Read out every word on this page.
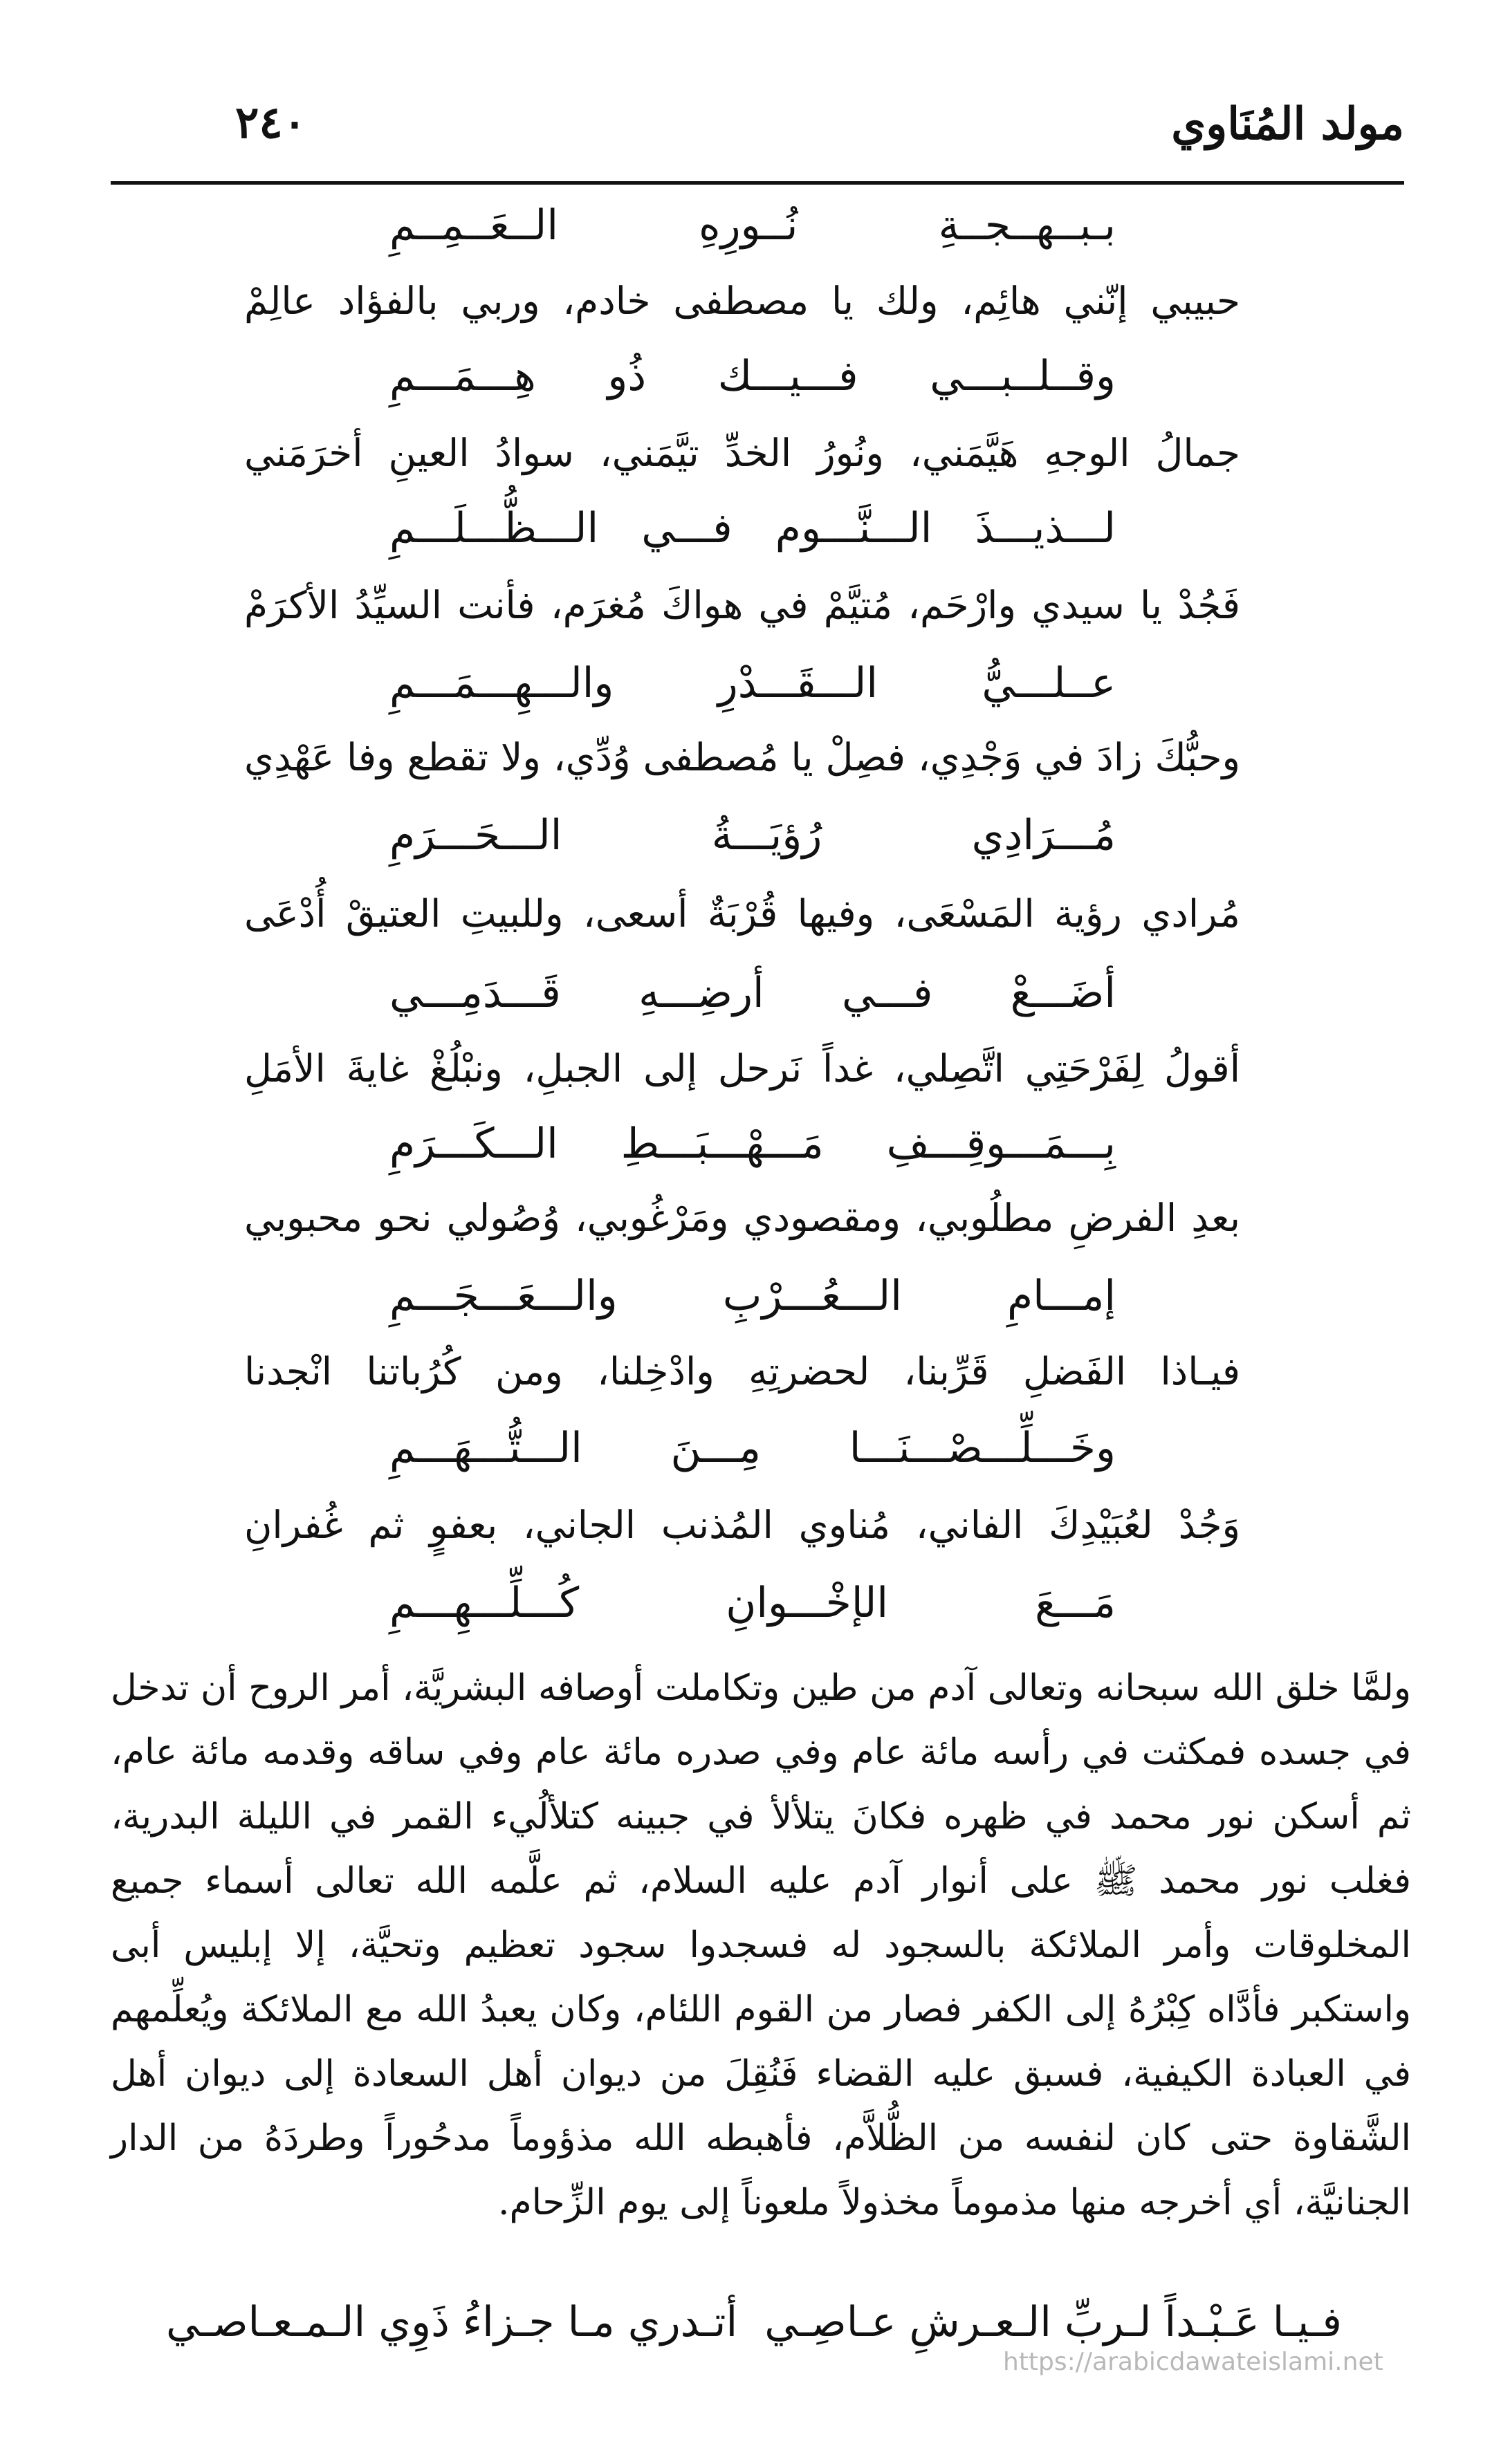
٢٤٠	مولد المُنَاوي
بـبــهــجــةِ نُــورِهِ الــعَــمِــمِ
حبيبي إنّني هائِم، ولك يا مصطفى خادم، وربي بالفؤاد عالِمْ
وقــلــبـــي فـــيـــك ذُو هِـــمَـــمِ
جمالُ الوجهِ هَيَّمَني، ونُورُ الخدِّ تيَّمَني، سوادُ العينِ أخرَمَني
لـــذيـــذَ الـــنَّـــوم فـــي الـــظُّـــلَـــمِ
فَجُدْ يا سيدي وارْحَم، مُتيَّمْ في هواكَ مُغرَم، فأنت السيِّدُ الأكرَمْ
عــلـــيُّ الـــقَـــدْرِ والـــهِـــمَـــمِ
وحبُّكَ زادَ في وَجْدِي، فصِلْ يا مُصطفى وُدِّي، ولا تقطع وفا عَهْدِي
مُـــرَادِي رُؤيَـــةُ الـــحَـــرَمِ
مُرادي رؤية المَسْعَى، وفيها قُرْبَةٌ أسعى، وللبيتِ العتيقْ أُدْعَى
أضَـــعْ فـــي أرضِـــهِ قَـــدَمِـــي
أقولُ لِفَرْحَتِي اتَّصِلي، غداً نَرحل إلى الجبلِ، ونبْلُغْ غايةَ الأمَلِ
بِـــمَـــوقِـــفِ مَـــهْـــبَـــطِ الـــكَـــرَمِ
بعدِ الفرضِ مطلُوبي، ومقصودي ومَرْغُوبي، وُصُولي نحو محبوبي
إمـــامِ الـــعُـــرْبِ والـــعَـــجَـــمِ
فيـاذا الفَضلِ قَرِّبنا، لحضرتِهِ وادْخِلنا، ومن كُرُباتنا انْجدنا
وخَـــلِّـــصْـــنَـــا مِـــنَ الـــتُّـــهَـــمِ
وَجُدْ لعُبَيْدِكَ الفاني، مُناوي المُذنب الجاني، بعفوٍ ثم غُفرانِ
مَـــعَ الإخْـــوانِ كُـــلِّـــهِـــمِ
ولمَّا خلق الله سبحانه وتعالى آدم من طين وتكاملت أوصافه البشريَّة، أمر الروح أن تدخل في جسده فمكثت في رأسه مائة عام وفي صدره مائة عام وفي ساقه وقدمه مائة عام، ثم أسكن نور محمد في ظهره فكانَ يتلألأ في جبينه كتلألُيء القمر في الليلة البدرية، فغلب نور محمد ﷺ على أنوار آدم عليه السلام، ثم علَّمه الله تعالى أسماء جميع المخلوقات وأمر الملائكة بالسجود له فسجدوا سجود تعظيم وتحيَّة، إلا إبليس أبى واستكبر فأدَّاه كِبْرُهُ إلى الكفر فصار من القوم اللئام، وكان يعبدُ الله مع الملائكة ويُعلِّمهم في العبادة الكيفية، فسبق عليه القضاء فَنُقِلَ من ديوان أهل السعادة إلى ديوان أهل الشَّقاوة حتى كان لنفسه من الظُّلاَّم، فأهبطه الله مذؤوماً مدحُوراً وطردَهُ من الدار الجنانيَّة، أي أخرجه منها مذموماً مخذولاً ملعوناً إلى يوم الزِّحام.
فـيـا عَـبْـداً لـربِّ الـعـرشِ عـاصِـي
أتـدري مـا جـزاءُ ذَوِي الـمـعـاصـي
https://arabicdawateislami.net
